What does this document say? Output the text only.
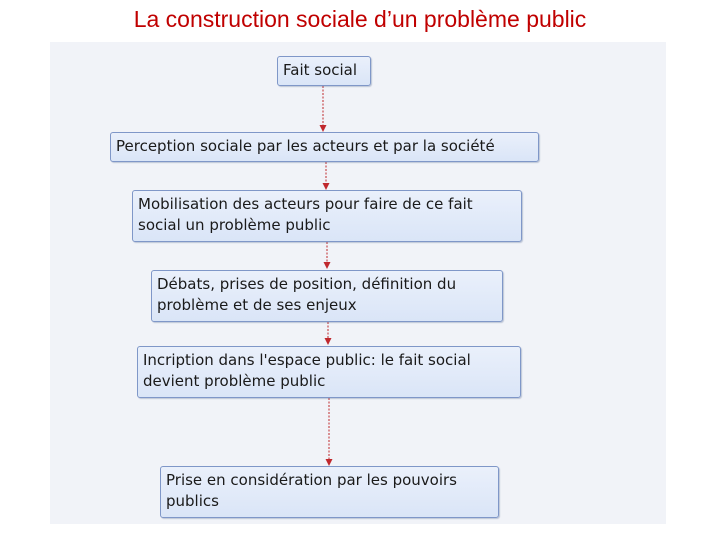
La construction sociale d’un problème public
Fait social
Perception sociale par les acteurs et par la société
Mobilisation des acteurs pour faire de ce fait
social un problème public
Débats, prises de position, définition du
problème et de ses enjeux
Incription dans l'espace public: le fait social
devient problème public
Prise en considération par les pouvoirs
publics
